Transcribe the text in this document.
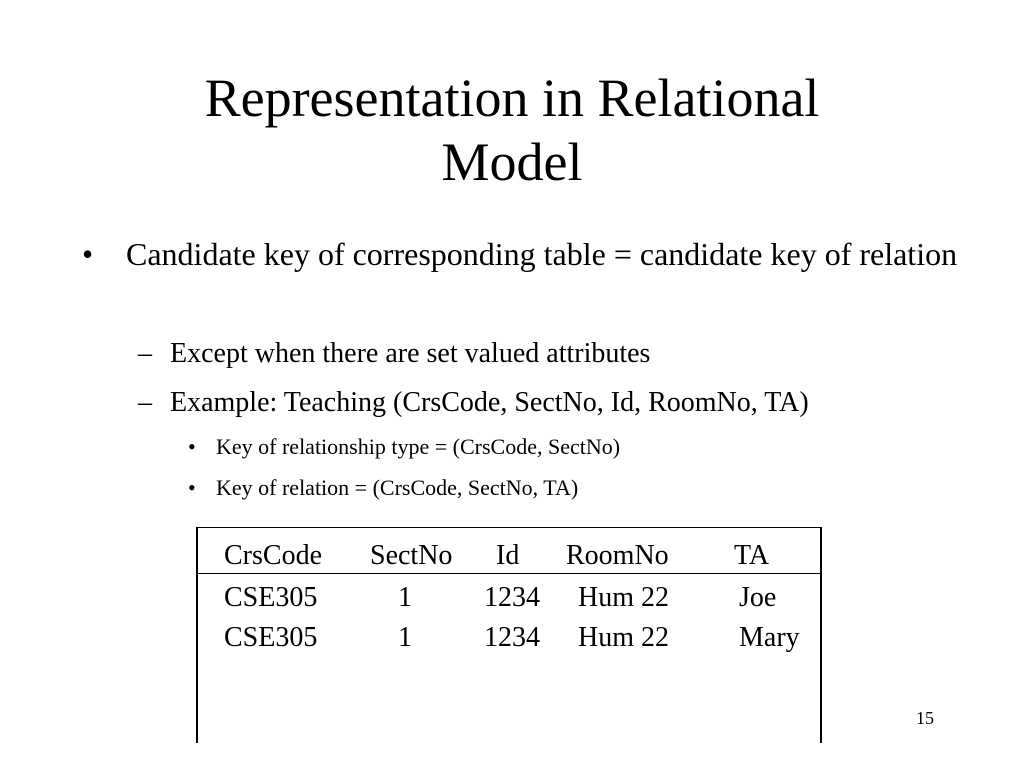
Representation in Relational
Model
• Candidate key of corresponding table = candidate key of relation
– Except when there are set valued attributes
– Example: Teaching (CrsCode, SectNo, Id, RoomNo, TA)
• Key of relationship type = (CrsCode, SectNo)
• Key of relation = (CrsCode, SectNo, TA)
CrsCode SectNo Id RoomNo TA
CSE305	1	1234 Hum 22	Joe
CSE305	1	1234 Hum 22	Mary
15
